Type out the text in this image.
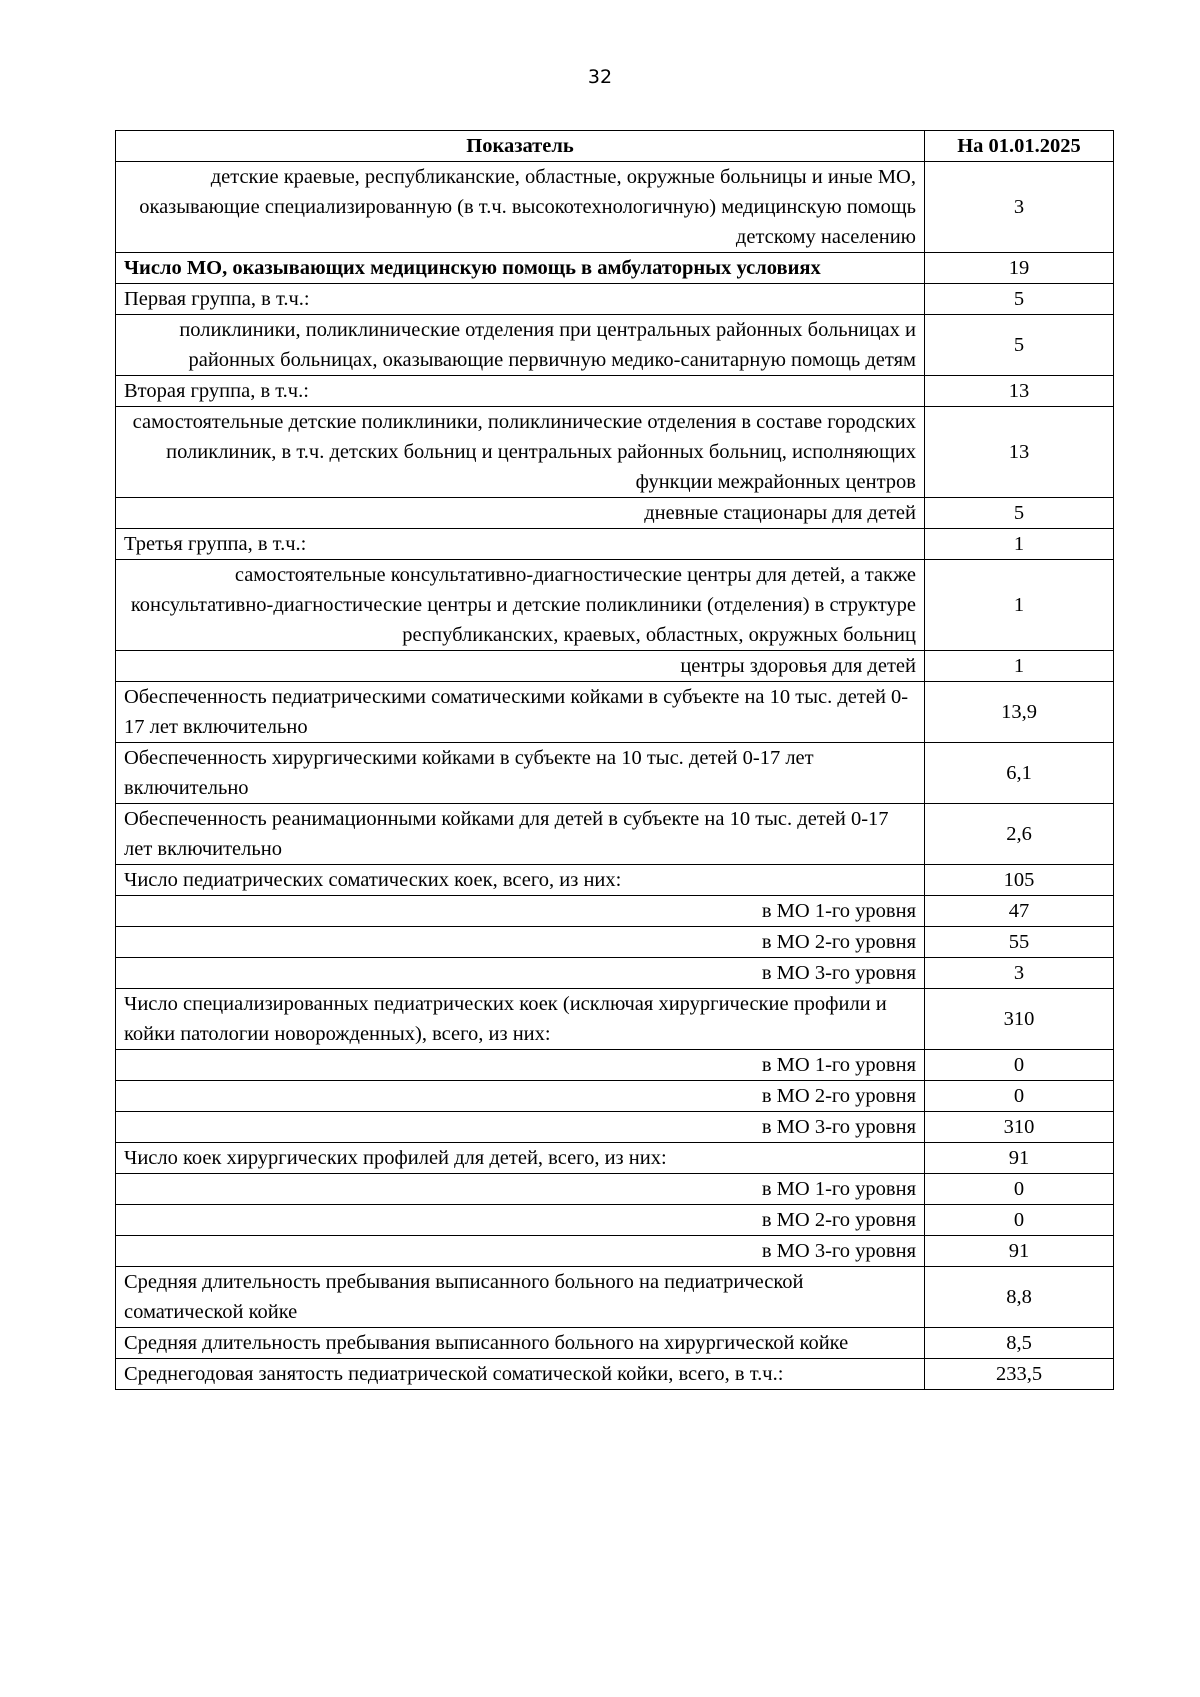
32
Показатель	На 01.01.2025
детские краевые, республиканские, областные, окружные больницы и иные МО, оказывающие специализированную (в т.ч. высокотехнологичную) медицинскую помощь детскому населению	3
Число МО, оказывающих медицинскую помощь в амбулаторных условиях	19
Первая группа, в т.ч.:	5
поликлиники, поликлинические отделения при центральных районных больницах и районных больницах, оказывающие первичную медико-санитарную помощь детям	5
Вторая группа, в т.ч.:	13
самостоятельные детские поликлиники, поликлинические отделения в составе городских поликлиник, в т.ч. детских больниц и центральных районных больниц, исполняющих функции межрайонных центров	13
дневные стационары для детей	5
Третья группа, в т.ч.:	1
самостоятельные консультативно-диагностические центры для детей, а также консультативно-диагностические центры и детские поликлиники (отделения) в структуре республиканских, краевых, областных, окружных больниц	1
центры здоровья для детей	1
Обеспеченность педиатрическими соматическими койками в субъекте на 10 тыс. детей 0-17 лет включительно	13,9
Обеспеченность хирургическими койками в субъекте на 10 тыс. детей 0-17 лет включительно	6,1
Обеспеченность реанимационными койками для детей в субъекте на 10 тыс. детей 0-17 лет включительно	2,6
Число педиатрических соматических коек, всего, из них:	105
в МО 1-го уровня	47
в МО 2-го уровня	55
в МО 3-го уровня	3
Число специализированных педиатрических коек (исключая хирургические профили и койки патологии новорожденных), всего, из них:	310
в МО 1-го уровня	0
в МО 2-го уровня	0
в МО 3-го уровня	310
Число коек хирургических профилей для детей, всего, из них:	91
в МО 1-го уровня	0
в МО 2-го уровня	0
в МО 3-го уровня	91
Средняя длительность пребывания выписанного больного на педиатрической соматической койке	8,8
Средняя длительность пребывания выписанного больного на хирургической койке	8,5
Среднегодовая занятость педиатрической соматической койки, всего, в т.ч.:	233,5
